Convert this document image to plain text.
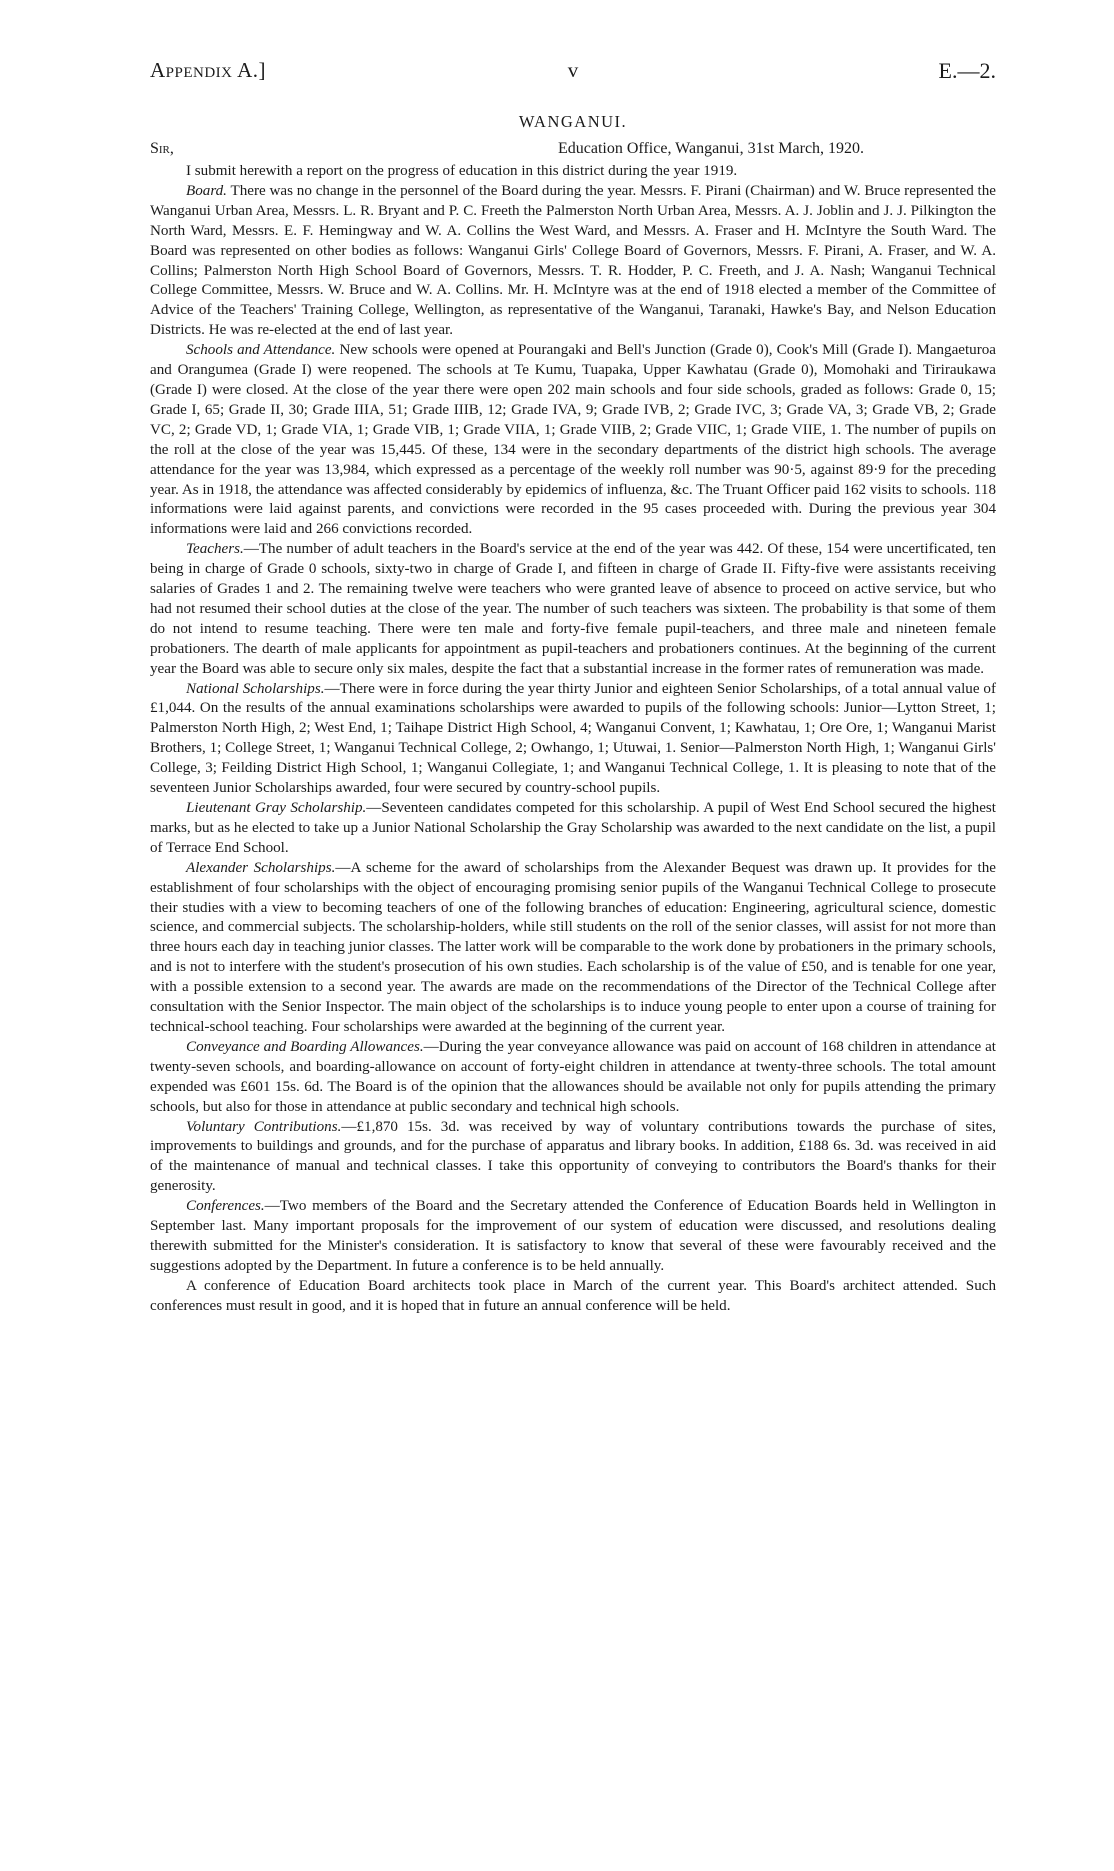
Appendix A.]	v	E.—2.
WANGANUI.
Sir,	Education Office, Wanganui, 31st March, 1920.

I submit herewith a report on the progress of education in this district during the year 1919.

Board. There was no change in the personnel of the Board during the year. Messrs. F. Pirani (Chairman) and W. Bruce represented the Wanganui Urban Area, Messrs. L. R. Bryant and P. C. Freeth the Palmerston North Urban Area, Messrs. A. J. Joblin and J. J. Pilkington the North Ward, Messrs. E. F. Hemingway and W. A. Collins the West Ward, and Messrs. A. Fraser and H. McIntyre the South Ward. The Board was represented on other bodies as follows: Wanganui Girls' College Board of Governors, Messrs. F. Pirani, A. Fraser, and W. A. Collins; Palmerston North High School Board of Governors, Messrs. T. R. Hodder, P. C. Freeth, and J. A. Nash; Wanganui Technical College Committee, Messrs. W. Bruce and W. A. Collins. Mr. H. McIntyre was at the end of 1918 elected a member of the Committee of Advice of the Teachers' Training College, Wellington, as representative of the Wanganui, Taranaki, Hawke's Bay, and Nelson Education Districts. He was re-elected at the end of last year.

Schools and Attendance. New schools were opened at Pourangaki and Bell's Junction (Grade 0), Cook's Mill (Grade I). Mangaeturoa and Orangumea (Grade I) were reopened. The schools at Te Kumu, Tuapaka, Upper Kawhatau (Grade 0), Momohaki and Tiriraukawa (Grade I) were closed. At the close of the year there were open 202 main schools and four side schools, graded as follows: Grade 0, 15; Grade I, 65; Grade II, 30; Grade IIIA, 51; Grade IIIB, 12; Grade IVA, 9; Grade IVB, 2; Grade IVC, 3; Grade VA, 3; Grade VB, 2; Grade VC, 2; Grade VD, 1; Grade VIA, 1; Grade VIB, 1; Grade VIIA, 1; Grade VIIB, 2; Grade VIIC, 1; Grade VIIE, 1. The number of pupils on the roll at the close of the year was 15,445. Of these, 134 were in the secondary departments of the district high schools. The average attendance for the year was 13,984, which expressed as a percentage of the weekly roll number was 90·5, against 89·9 for the preceding year. As in 1918, the attendance was affected considerably by epidemics of influenza, &c. The Truant Officer paid 162 visits to schools. 118 informations were laid against parents, and convictions were recorded in the 95 cases proceeded with. During the previous year 304 informations were laid and 266 convictions recorded.

Teachers.—The number of adult teachers in the Board's service at the end of the year was 442. Of these, 154 were uncertificated, ten being in charge of Grade 0 schools, sixty-two in charge of Grade I, and fifteen in charge of Grade II. Fifty-five were assistants receiving salaries of Grades 1 and 2. The remaining twelve were teachers who were granted leave of absence to proceed on active service, but who had not resumed their school duties at the close of the year. The number of such teachers was sixteen. The probability is that some of them do not intend to resume teaching. There were ten male and forty-five female pupil-teachers, and three male and nineteen female probationers. The dearth of male applicants for appointment as pupil-teachers and probationers continues. At the beginning of the current year the Board was able to secure only six males, despite the fact that a substantial increase in the former rates of remuneration was made.

National Scholarships.—There were in force during the year thirty Junior and eighteen Senior Scholarships, of a total annual value of £1,044. On the results of the annual examinations scholarships were awarded to pupils of the following schools: Junior—Lytton Street, 1; Palmerston North High, 2; West End, 1; Taihape District High School, 4; Wanganui Convent, 1; Kawhatau, 1; Ore Ore, 1; Wanganui Marist Brothers, 1; College Street, 1; Wanganui Technical College, 2; Owhango, 1; Utuwai, 1. Senior—Palmerston North High, 1; Wanganui Girls' College, 3; Feilding District High School, 1; Wanganui Collegiate, 1; and Wanganui Technical College, 1. It is pleasing to note that of the seventeen Junior Scholarships awarded, four were secured by country-school pupils.

Lieutenant Gray Scholarship.—Seventeen candidates competed for this scholarship. A pupil of West End School secured the highest marks, but as he elected to take up a Junior National Scholarship the Gray Scholarship was awarded to the next candidate on the list, a pupil of Terrace End School.

Alexander Scholarships.—A scheme for the award of scholarships from the Alexander Bequest was drawn up. It provides for the establishment of four scholarships with the object of encouraging promising senior pupils of the Wanganui Technical College to prosecute their studies with a view to becoming teachers of one of the following branches of education: Engineering, agricultural science, domestic science, and commercial subjects. The scholarship-holders, while still students on the roll of the senior classes, will assist for not more than three hours each day in teaching junior classes. The latter work will be comparable to the work done by probationers in the primary schools, and is not to interfere with the student's prosecution of his own studies. Each scholarship is of the value of £50, and is tenable for one year, with a possible extension to a second year. The awards are made on the recommendations of the Director of the Technical College after consultation with the Senior Inspector. The main object of the scholarships is to induce young people to enter upon a course of training for technical-school teaching. Four scholarships were awarded at the beginning of the current year.

Conveyance and Boarding Allowances.—During the year conveyance allowance was paid on account of 168 children in attendance at twenty-seven schools, and boarding-allowance on account of forty-eight children in attendance at twenty-three schools. The total amount expended was £601 15s. 6d. The Board is of the opinion that the allowances should be available not only for pupils attending the primary schools, but also for those in attendance at public secondary and technical high schools.

Voluntary Contributions.—£1,870 15s. 3d. was received by way of voluntary contributions towards the purchase of sites, improvements to buildings and grounds, and for the purchase of apparatus and library books. In addition, £188 6s. 3d. was received in aid of the maintenance of manual and technical classes. I take this opportunity of conveying to contributors the Board's thanks for their generosity.

Conferences.—Two members of the Board and the Secretary attended the Conference of Education Boards held in Wellington in September last. Many important proposals for the improvement of our system of education were discussed, and resolutions dealing therewith submitted for the Minister's consideration. It is satisfactory to know that several of these were favourably received and the suggestions adopted by the Department. In future a conference is to be held annually.

A conference of Education Board architects took place in March of the current year. This Board's architect attended. Such conferences must result in good, and it is hoped that in future an annual conference will be held.
